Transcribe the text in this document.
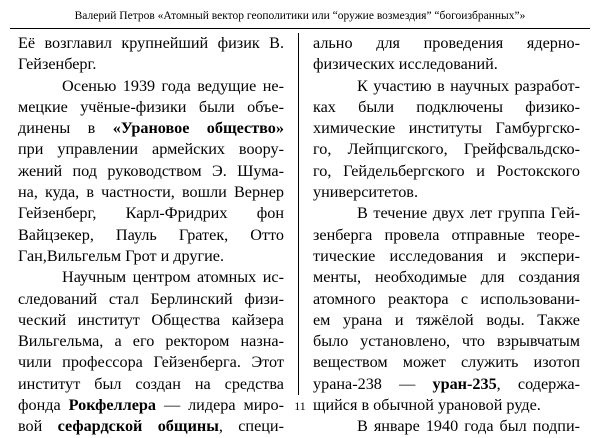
Валерий Петров «Атомный вектор геополитики или “оружие возмездия” “богоизбранных”»
Её возглавил крупнейший физик В.
Гейзенберг.
Осенью 1939 года ведущие не-
мецкие учёные-физики были объе-
динены в «Урановое общество»
при управлении армейских воору-
жений под руководством Э. Шума-
на, куда, в частности, вошли Вернер
Гейзенберг, Карл-Фридрих фон
Вайцзекер, Пауль Гратек, Отто
Ган,Вильгельм Грот и другие.
Научным центром атомных ис-
следований стал Берлинский физи-
ческий институт Общества кайзера
Вильгельма, а его ректором назна-
чили профессора Гейзенберга. Этот
институт был создан на средства
фонда Рокфеллера — лидера миро-
вой сефардской общины, специ-
ально для проведения ядерно-
физических исследований.
К участию в научных разработ-
ках были подключены физико-
химические институты Гамбургско-
го, Лейпцигского, Грейфсвальдско-
го, Гейдельбергского и Ростокского
университетов.
В течение двух лет группа Гей-
зенберга провела отправные теоре-
тические исследования и экспери-
менты, необходимые для создания
атомного реактора с использовани-
ем урана и тяжёлой воды. Также
было установлено, что взрывчатым
веществом может служить изотоп
урана-238 — уран-235, содержа-
щийся в обычной урановой руде.
В январе 1940 года был подпи-
11
